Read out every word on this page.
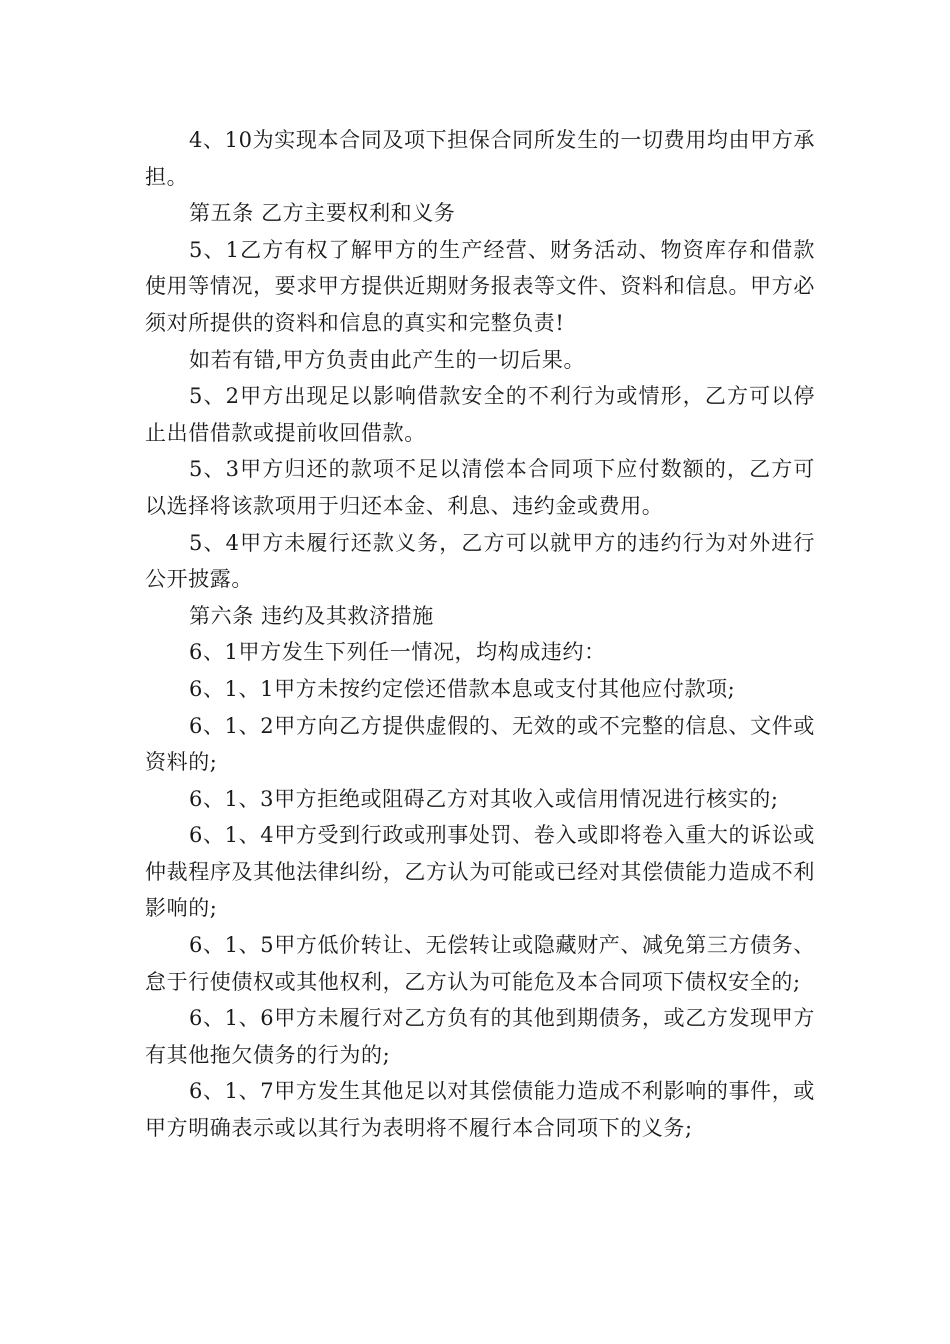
4、10为实现本合同及项下担保合同所发生的一切费用均由甲方承担。

第五条 乙方主要权利和义务

5、1乙方有权了解甲方的生产经营、财务活动、物资库存和借款使用等情况，要求甲方提供近期财务报表等文件、资料和信息。甲方必须对所提供的资料和信息的真实和完整负责!

如若有错,甲方负责由此产生的一切后果。

5、2甲方出现足以影响借款安全的不利行为或情形，乙方可以停止出借借款或提前收回借款。

5、3甲方归还的款项不足以清偿本合同项下应付数额的，乙方可以选择将该款项用于归还本金、利息、违约金或费用。

5、4甲方未履行还款义务，乙方可以就甲方的违约行为对外进行公开披露。

第六条 违约及其救济措施

6、1甲方发生下列任一情况，均构成违约：

6、1、1甲方未按约定偿还借款本息或支付其他应付款项;

6、1、2甲方向乙方提供虚假的、无效的或不完整的信息、文件或资料的;

6、1、3甲方拒绝或阻碍乙方对其收入或信用情况进行核实的;

6、1、4甲方受到行政或刑事处罚、卷入或即将卷入重大的诉讼或仲裁程序及其他法律纠纷，乙方认为可能或已经对其偿债能力造成不利影响的;

6、1、5甲方低价转让、无偿转让或隐藏财产、减免第三方债务、怠于行使债权或其他权利，乙方认为可能危及本合同项下债权安全的;

6、1、6甲方未履行对乙方负有的其他到期债务，或乙方发现甲方有其他拖欠债务的行为的;

6、1、7甲方发生其他足以对其偿债能力造成不利影响的事件，或甲方明确表示或以其行为表明将不履行本合同项下的义务;
